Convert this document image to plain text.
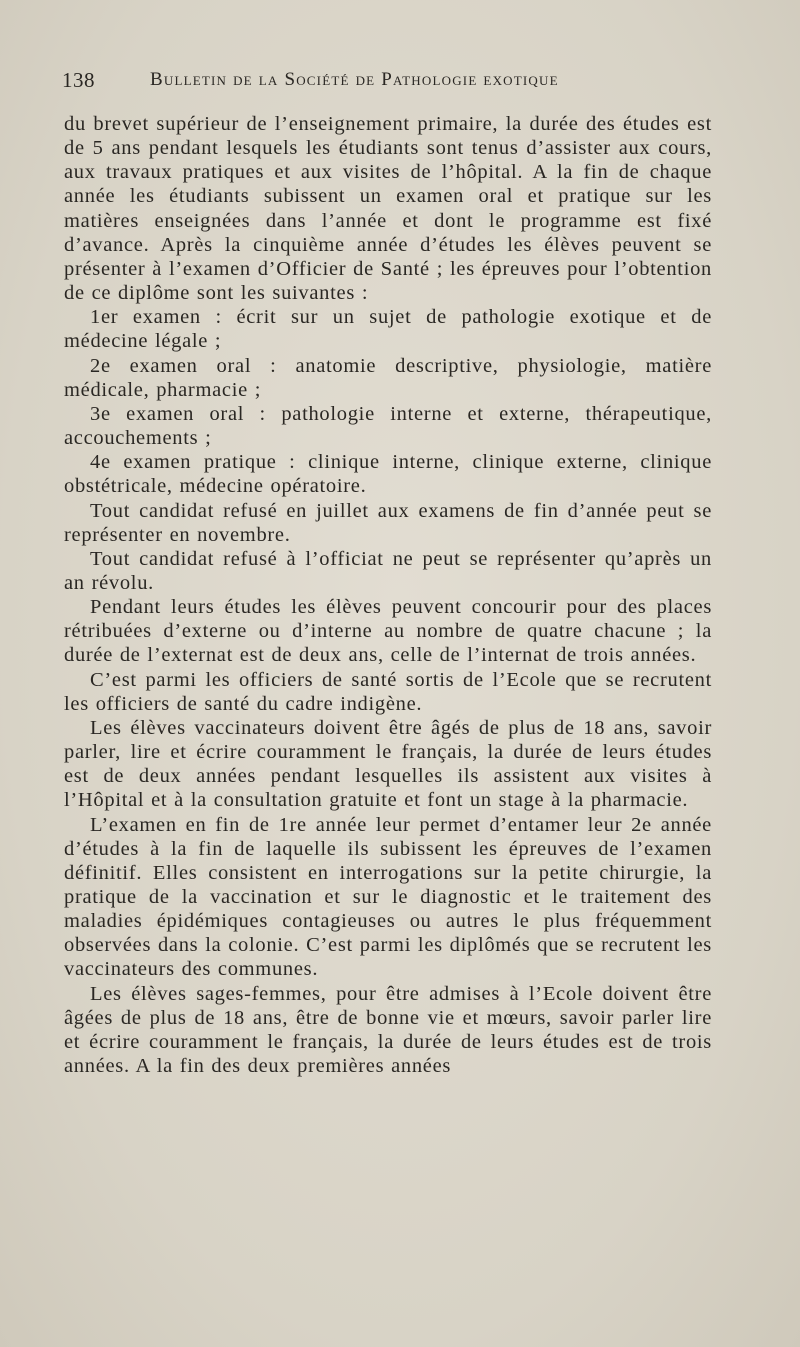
138	Bulletin de la Société de Pathologie exotique

du brevet supérieur de l’enseignement primaire, la durée des études est de 5 ans pendant lesquels les étudiants sont tenus d’assister aux cours, aux travaux pratiques et aux visites de l’hôpital. A la fin de chaque année les étudiants subissent un examen oral et pratique sur les matières enseignées dans l’année et dont le programme est fixé d’avance. Après la cinquième année d’études les élèves peuvent se présenter à l’examen d’Officier de Santé ; les épreuves pour l’obtention de ce diplôme sont les suivantes :

1er examen : écrit sur un sujet de pathologie exotique et de médecine légale ;

2e examen oral : anatomie descriptive, physiologie, matière médicale, pharmacie ;

3e examen oral : pathologie interne et externe, thérapeutique, accouchements ;

4e examen pratique : clinique interne, clinique externe, clinique obstétricale, médecine opératoire.

Tout candidat refusé en juillet aux examens de fin d’année peut se représenter en novembre.

Tout candidat refusé à l’officiat ne peut se représenter qu’après un an révolu.

Pendant leurs études les élèves peuvent concourir pour des places rétribuées d’externe ou d’interne au nombre de quatre chacune ; la durée de l’externat est de deux ans, celle de l’internat de trois années.

C’est parmi les officiers de santé sortis de l’Ecole que se recrutent les officiers de santé du cadre indigène.

Les élèves vaccinateurs doivent être âgés de plus de 18 ans, savoir parler, lire et écrire couramment le français, la durée de leurs études est de deux années pendant lesquelles ils assistent aux visites à l’Hôpital et à la consultation gratuite et font un stage à la pharmacie.

L’examen en fin de 1re année leur permet d’entamer leur 2e année d’études à la fin de laquelle ils subissent les épreuves de l’examen définitif. Elles consistent en interrogations sur la petite chirurgie, la pratique de la vaccination et sur le diagnostic et le traitement des maladies épidémiques contagieuses ou autres le plus fréquemment observées dans la colonie. C’est parmi les diplômés que se recrutent les vaccinateurs des communes.

Les élèves sages-femmes, pour être admises à l’Ecole doivent être âgées de plus de 18 ans, être de bonne vie et mœurs, savoir parler lire et écrire couramment le français, la durée de leurs études est de trois années. A la fin des deux premières années
